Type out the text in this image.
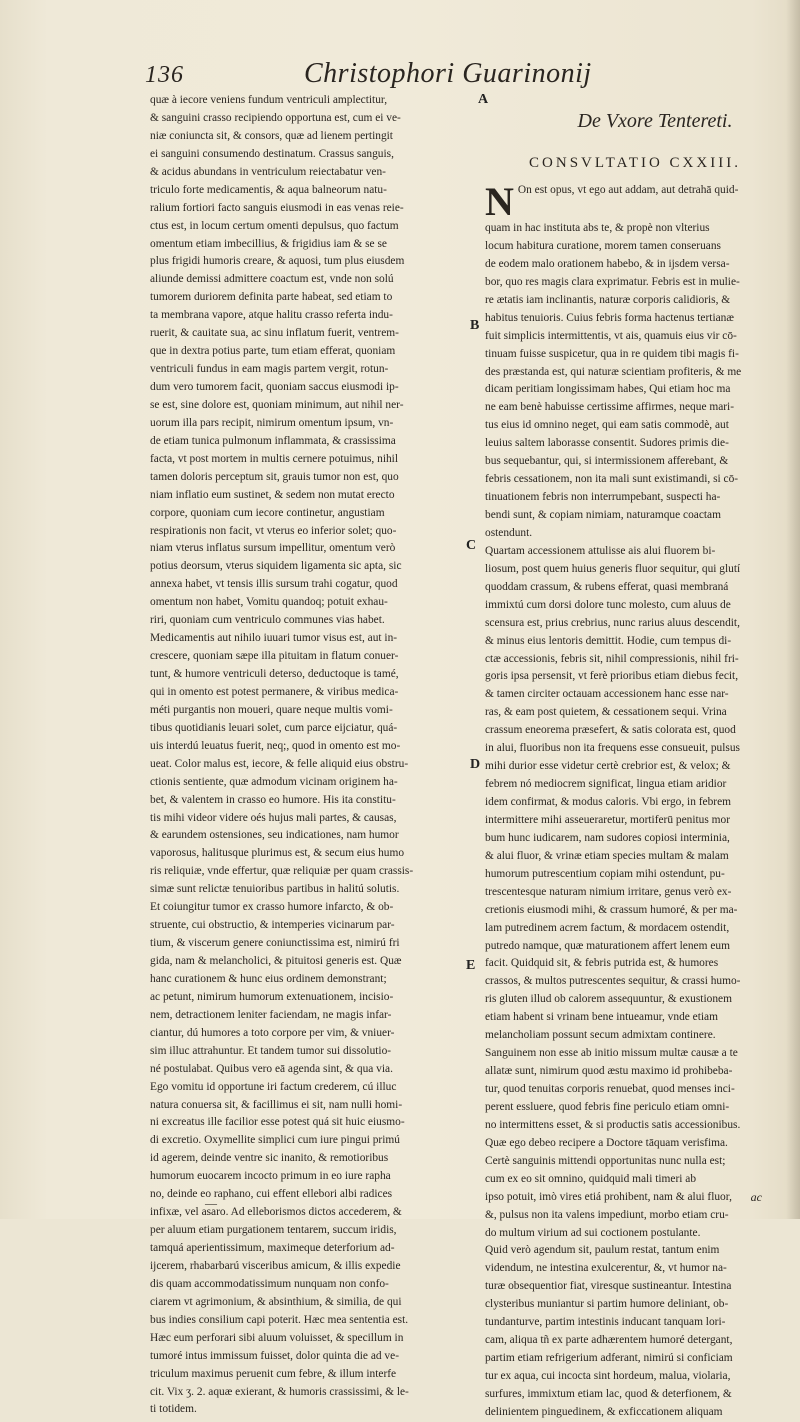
136	Christophori Guarinonij
quæ à iecore veniens fundum ventriculi amplectitur,
& sanguini crasso recipiendo opportuna est, cum ei ve-
niæ coniuncta sit, & consors, quæ ad lienem pertingit
ei sanguini consumendo destinatum. Crassus sanguis,
& acidus abundans in ventriculum reiectabatur ven-
triculo forte medicamentis, & aqua balneorum natu-
ralium fortiori facto sanguis eiusmodi in eas venas reie-
ctus est, in locum certum omenti depulsus, quo factum
omentum etiam imbecillius, & frigidius iam & se se
plus frigidi humoris creare, & aquosi, tum plus eiusdem
aliunde demissi admittere coactum est, vnde non solú
tumorem duriorem definita parte habeat, sed etiam to
ta membrana vapore, atque halitu crasso referta indu-
ruerit, & cauitate sua, ac sinu inflatum fuerit, ventrem-
que in dextra potius parte, tum etiam efferat, quoniam
ventriculi fundus in eam magis partem vergit, rotun-
dum vero tumorem facit, quoniam saccus eiusmodi ip-
se est, sine dolore est, quoniam minimum, aut nihil ner-
uorum illa pars recipit, nimirum omentum ipsum, vn-
de etiam tunica pulmonum inflammata, & crassissima
facta, vt post mortem in multis cernere potuimus, nihil
tamen doloris perceptum sit, grauis tumor non est, quo
niam inflatio eum sustinet, & sedem non mutat erecto
corpore, quoniam cum iecore continetur, angustiam
respirationis non facit, vt vterus eo inferior solet; quo-
niam vterus inflatus sursum impellitur, omentum verò
potius deorsum, vterus siquidem ligamenta sic apta, sic
annexa habet, vt tensis illis sursum trahi cogatur, quod
omentum non habet, Vomitu quandoq; potuit exhau-
riri, quoniam cum ventriculo communes vias habet.
Medicamentis aut nihilo iuuari tumor visus est, aut in-
crescere, quoniam sæpe illa pituitam in flatum conuer-
tunt, & humore ventriculi deterso, deductoque is tamé,
qui in omento est potest permanere, & viribus medica-
méti purgantis non moueri, quare neque multis vomi-
tibus quotidianis leuari solet, cum parce eijciatur, quá-
uis interdú leuatus fuerit, neq;, quod in omento est mo-
ueat. Color malus est, iecore, & felle aliquid eius obstru-
ctionis sentiente, quæ admodum vicinam originem ha-
bet, & valentem in crasso eo humore. His ita constitu-
tis mihi videor videre oés hujus mali partes, & causas,
& earundem ostensiones, seu indicationes, nam humor
vaporosus, halitusque plurimus est, & secum eius humo
ris reliquiæ, vnde effertur, quæ reliquiæ per quam crassis-
simæ sunt relictæ tenuioribus partibus in halitú solutis.
Et coiungitur tumor ex crasso humore infarcto, & ob-
struente, cui obstructio, & intemperies vicinarum par-
tium, & viscerum genere coniunctissima est, nimirú fri
gida, nam & melancholici, & pituitosi generis est. Quæ
hanc curationem & hunc eius ordinem demonstrant;
ac petunt, nimirum humorum extenuationem, incisio-
nem, detractionem leniter faciendam, ne magis infar-
ciantur, dú humores a toto corpore per vim, & vniuer-
sim illuc attrahuntur. Et tandem tumor sui dissolutio-
né postulabat. Quibus vero eā agenda sint, & qua via.
Ego vomitu id opportune iri factum crederem, cú illuc
natura conuersa sit, & facillimus ei sit, nam nulli homi-
ni excreatus ille facilior esse potest quá sit huic eiusmo-
di excretio. Oxymellite simplici cum iure pingui primú
id agerem, deinde ventre sic inanito, & remotioribus
humorum euocarem incocto primum in eo iure rapha
no, deinde eo raphano, cui effent ellebori albi radices
infixæ, vel asaro. Ad elleborismos dictos accederem, &
per aluum etiam purgationem tentarem, succum iridis,
tamquá aperientissimum, maximeque deterforium ad-
ijcerem, rhabarbarú visceribus amicum, & illis expedie
dis quam accommodatissimum nunquam non confo-
ciarem vt agrimonium, & absinthium, & similia, de qui
bus indies consilium capi poterit. Hæc mea sententia est.
Hæc eum perforari sibi aluum voluisset, & specillum in
tumoré intus immissum fuisset, dolor quinta die ad ve-
triculum maximus peruenit cum febre, & illum interfe
cit. Vix ʒ. 2. aquæ exierant, & humoris crassissimi, & le-
ti totidem.
De Vxore Tentereti.
CONSVLTATIO CXXIII.
N On est opus, vt ego aut addam, aut detrahā quid-
quam in hac instituta abs te, & propè non vlterius
locum habitura curatione, morem tamen conseruans
de eodem malo orationem habebo, & in ijsdem versa-
bor, quo res magis clara exprimatur. Febris est in mulie-
re ætatis iam inclinantis, naturæ corporis calidioris, &
habitus tenuioris. Cuius febris forma hactenus tertianæ
fuit simplicis intermittentis, vt ais, quamuis eius vir cō-
tinuam fuisse suspicetur, qua in re quidem tibi magis fi-
des præstanda est, qui naturæ scientiam profiteris, & me
dicam peritiam longissimam habes, Qui etiam hoc ma
ne eam benè habuisse certissime affirmes, neque mari-
tus eius id omnino neget, qui eam satis commodè, aut
leuius saltem laborasse consentit. Sudores primis die-
bus sequebantur, qui, si intermissionem afferebant, &
febris cessationem, non ita mali sunt existimandi, si cō-
tinuationem febris non interrumpebant, suspecti ha-
bendi sunt, & copiam nimiam, naturamque coactam
ostendunt.
Quartam accessionem attulisse ais alui fluorem bi-
liosum, post quem huius generis fluor sequitur, qui glutí
quoddam crassum, & rubens efferat, quasi membraná
immixtú cum dorsi dolore tunc molesto, cum aluus de
scensura est, prius crebrius, nunc rarius aluus descendit,
& minus eius lentoris demittit. Hodie, cum tempus di-
ctæ accessionis, febris sit, nihil compressionis, nihil fri-
goris ipsa persensit, vt ferè prioribus etiam diebus fecit,
& tamen circiter octauam accessionem hanc esse nar-
ras, & eam post quietem, & cessationem sequi. Vrina
crassum eneorema præsefert, & satis colorata est, quod
in alui, fluoribus non ita frequens esse consueuit, pulsus
mihi durior esse videtur certè crebrior est, & velox; &
febrem nó mediocrem significat, lingua etiam aridior
idem confirmat, & modus caloris. Vbi ergo, in febrem
intermittere mihi asseueraretur, mortiferū penitus mor
bum hunc iudicarem, nam sudores copiosi interminia,
& alui fluor, & vrinæ etiam species multam & malam
humorum putrescentium copiam mihi ostendunt, pu-
trescentesque naturam nimium irritare, genus verò ex-
cretionis eiusmodi mihi, & crassum humoré, & per ma-
lam putredinem acrem factum, & mordacem ostendit,
putredo namque, quæ maturationem affert lenem eum
facit. Quidquid sit, & febris putrida est, & humores
crassos, & multos putrescentes sequitur, & crassi humo-
ris gluten illud ob calorem assequuntur, & exustionem
etiam habent si vrinam bene intueamur, vnde etiam
melancholiam possunt secum admixtam continere.
Sanguinem non esse ab initio missum multæ causæ a te
allatæ sunt, nimirum quod æstu maximo id prohibeba-
tur, quod tenuitas corporis renuebat, quod menses inci-
perent essluere, quod febris fine periculo etiam omni-
no intermittens esset, & si productis satis accessionibus.
Quæ ego debeo recipere a Doctore tāquam verisfima.
Certè sanguinis mittendi opportunitas nunc nulla est;
cum ex eo sit omnino, quidquid mali timeri ab
ipso potuit, imò vires etiá prohibent, nam & alui fluor,
&, pulsus non ita valens impediunt, morbo etiam cru-
do multum virium ad sui coctionem postulante.
Quid verò agendum sit, paulum restat, tantum enim
videndum, ne intestina exulcerentur, &, vt humor na-
turæ obsequentior fiat, viresque sustineantur. Intestina
clysteribus muniantur si partim humore deliniant, ob-
tundanturve, partim intestinis inducant tanquam lori-
cam, aliqua tñ ex parte adhærentem humoré detergant,
partim etiam refrigerium adferant, nimirú si conficiam
tur ex aqua, cui incocta sint hordeum, malua, violaria,
surfures, immixtum etiam lac, quod & deterfionem, &
delinientem pinguedinem, & exficcationem aliquam
A
B
C
D
E
—	ac
